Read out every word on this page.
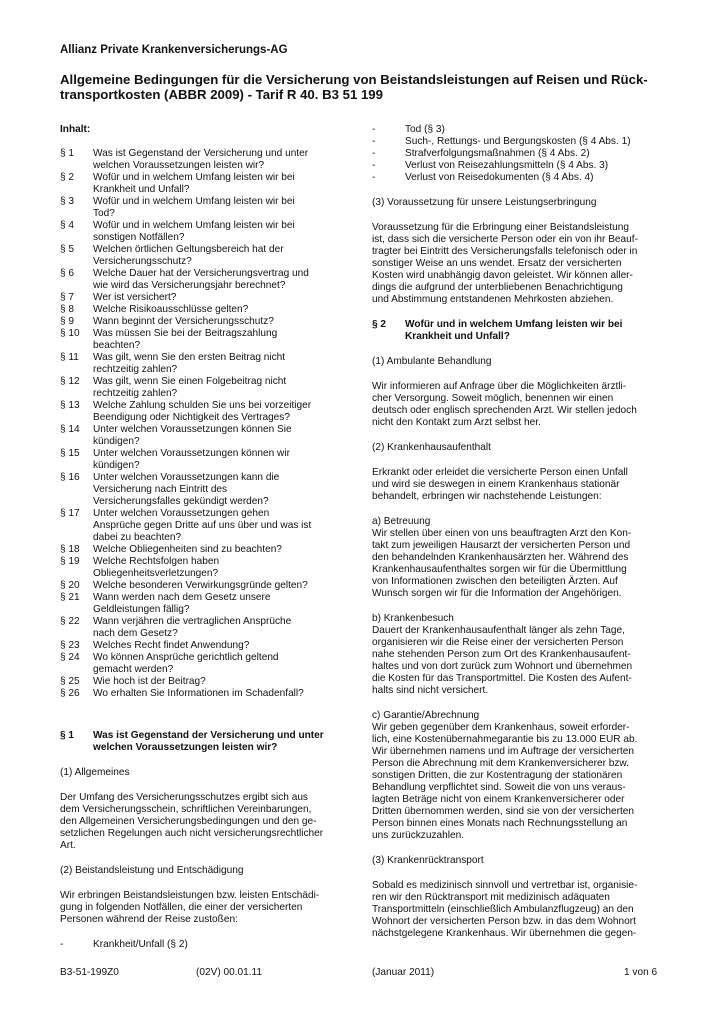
Allianz Private Krankenversicherungs-AG
Allgemeine Bedingungen für die Versicherung von Beistandsleistungen auf Reisen und Rück-
transportkosten (ABBR 2009) - Tarif R 40. B3 51 199

Inhalt:

§ 1	Was ist Gegenstand der Versicherung und unter
welchen Voraussetzungen leisten wir?
§ 2	Wofür und in welchem Umfang leisten wir bei
Krankheit und Unfall?
§ 3	Wofür und in welchem Umfang leisten wir bei
Tod?
§ 4	Wofür und in welchem Umfang leisten wir bei
sonstigen Notfällen?
§ 5	Welchen örtlichen Geltungsbereich hat der
Versicherungsschutz?
§ 6	Welche Dauer hat der Versicherungsvertrag und
wie wird das Versicherungsjahr berechnet?
§ 7	Wer ist versichert?
§ 8	Welche Risikoausschlüsse gelten?
§ 9	Wann beginnt der Versicherungsschutz?
§ 10	Was müssen Sie bei der Beitragszahlung
beachten?
§ 11	Was gilt, wenn Sie den ersten Beitrag nicht
rechtzeitig zahlen?
§ 12	Was gilt, wenn Sie einen Folgebeitrag nicht
rechtzeitig zahlen?
§ 13	Welche Zahlung schulden Sie uns bei vorzeitiger
Beendigung oder Nichtigkeit des Vertrages?
§ 14	Unter welchen Voraussetzungen können Sie
kündigen?
§ 15	Unter welchen Voraussetzungen können wir
kündigen?
§ 16	Unter welchen Voraussetzungen kann die
Versicherung nach Eintritt des
Versicherungsfalles gekündigt werden?
§ 17	Unter welchen Voraussetzungen gehen
Ansprüche gegen Dritte auf uns über und was ist
dabei zu beachten?
§ 18	Welche Obliegenheiten sind zu beachten?
§ 19	Welche Rechtsfolgen haben
Obliegenheitsverletzungen?
§ 20	Welche besonderen Verwirkungsgründe gelten?
§ 21	Wann werden nach dem Gesetz unsere
Geldleistungen fällig?
§ 22	Wann verjähren die vertraglichen Ansprüche
nach dem Gesetz?
§ 23	Welches Recht findet Anwendung?
§ 24	Wo können Ansprüche gerichtlich geltend
gemacht werden?
§ 25	Wie hoch ist der Beitrag?
§ 26	Wo erhalten Sie Informationen im Schadenfall?
§ 1	Was ist Gegenstand der Versicherung und unter
welchen Voraussetzungen leisten wir?

(1) Allgemeines

Der Umfang des Versicherungsschutzes ergibt sich aus
dem Versicherungsschein, schriftlichen Vereinbarungen,
den Allgemeinen Versicherungsbedingungen und den ge-
setzlichen Regelungen auch nicht versicherungsrechtlicher
Art.

(2) Beistandsleistung und Entschädigung

Wir erbringen Beistandsleistungen bzw. leisten Entschädi-
gung in folgenden Notfällen, die einer der versicherten
Personen während der Reise zustoßen:
-	Krankheit/Unfall (§ 2)
-	Tod (§ 3)
-	Such-, Rettungs- und Bergungskosten (§ 4 Abs. 1)
-	Strafverfolgungsmaßnahmen (§ 4 Abs. 2)
-	Verlust von Reisezahlungsmitteln (§ 4 Abs. 3)
-	Verlust von Reisedokumenten (§ 4 Abs. 4)

(3) Voraussetzung für unsere Leistungserbringung

Voraussetzung für die Erbringung einer Beistandsleistung
ist, dass sich die versicherte Person oder ein von ihr Beauf-
tragter bei Eintritt des Versicherungsfalls telefonisch oder in
sonstiger Weise an uns wendet. Ersatz der versicherten
Kosten wird unabhängig davon geleistet. Wir können aller-
dings die aufgrund der unterbliebenen Benachrichtigung
und Abstimmung entstandenen Mehrkosten abziehen.
§ 2	Wofür und in welchem Umfang leisten wir bei
Krankheit und Unfall?

(1) Ambulante Behandlung

Wir informieren auf Anfrage über die Möglichkeiten ärztli-
cher Versorgung. Soweit möglich, benennen wir einen
deutsch oder englisch sprechenden Arzt. Wir stellen jedoch
nicht den Kontakt zum Arzt selbst her.

(2) Krankenhausaufenthalt

Erkrankt oder erleidet die versicherte Person einen Unfall
und wird sie deswegen in einem Krankenhaus stationär
behandelt, erbringen wir nachstehende Leistungen:

a) Betreuung

Wir stellen über einen von uns beauftragten Arzt den Kon-
takt zum jeweiligen Hausarzt der versicherten Person und
den behandelnden Krankenhausärzten her. Während des
Krankenhausaufenthaltes sorgen wir für die Übermittlung
von Informationen zwischen den beteiligten Ärzten. Auf
Wunsch sorgen wir für die Information der Angehörigen.

b) Krankenbesuch

Dauert der Krankenhausaufenthalt länger als zehn Tage,
organisieren wir die Reise einer der versicherten Person
nahe stehenden Person zum Ort des Krankenhausaufent-
haltes und von dort zurück zum Wohnort und übernehmen
die Kosten für das Transportmittel. Die Kosten des Aufent-
halts sind nicht versichert.

c) Garantie/Abrechnung

Wir geben gegenüber dem Krankenhaus, soweit erforder-
lich, eine Kostenübernahmegarantie bis zu 13.000 EUR ab.
Wir übernehmen namens und im Auftrage der versicherten
Person die Abrechnung mit dem Krankenversicherer bzw.
sonstigen Dritten, die zur Kostentragung der stationären
Behandlung verpflichtet sind. Soweit die von uns veraus-
lagten Beträge nicht von einem Krankenversicherer oder
Dritten übernommen werden, sind sie von der versicherten
Person binnen eines Monats nach Rechnungsstellung an
uns zurückzuzahlen.

(3) Krankenrücktransport

Sobald es medizinisch sinnvoll und vertretbar ist, organisie-
ren wir den Rücktransport mit medizinisch adäquaten
Transportmitteln (einschließlich Ambulanzflugzeug) an den
Wohnort der versicherten Person bzw. in das dem Wohnort
nächstgelegene Krankenhaus. Wir übernehmen die gegen-
B3-51-199Z0	(02V) 00.01.11	(Januar 2011)	1 von 6
